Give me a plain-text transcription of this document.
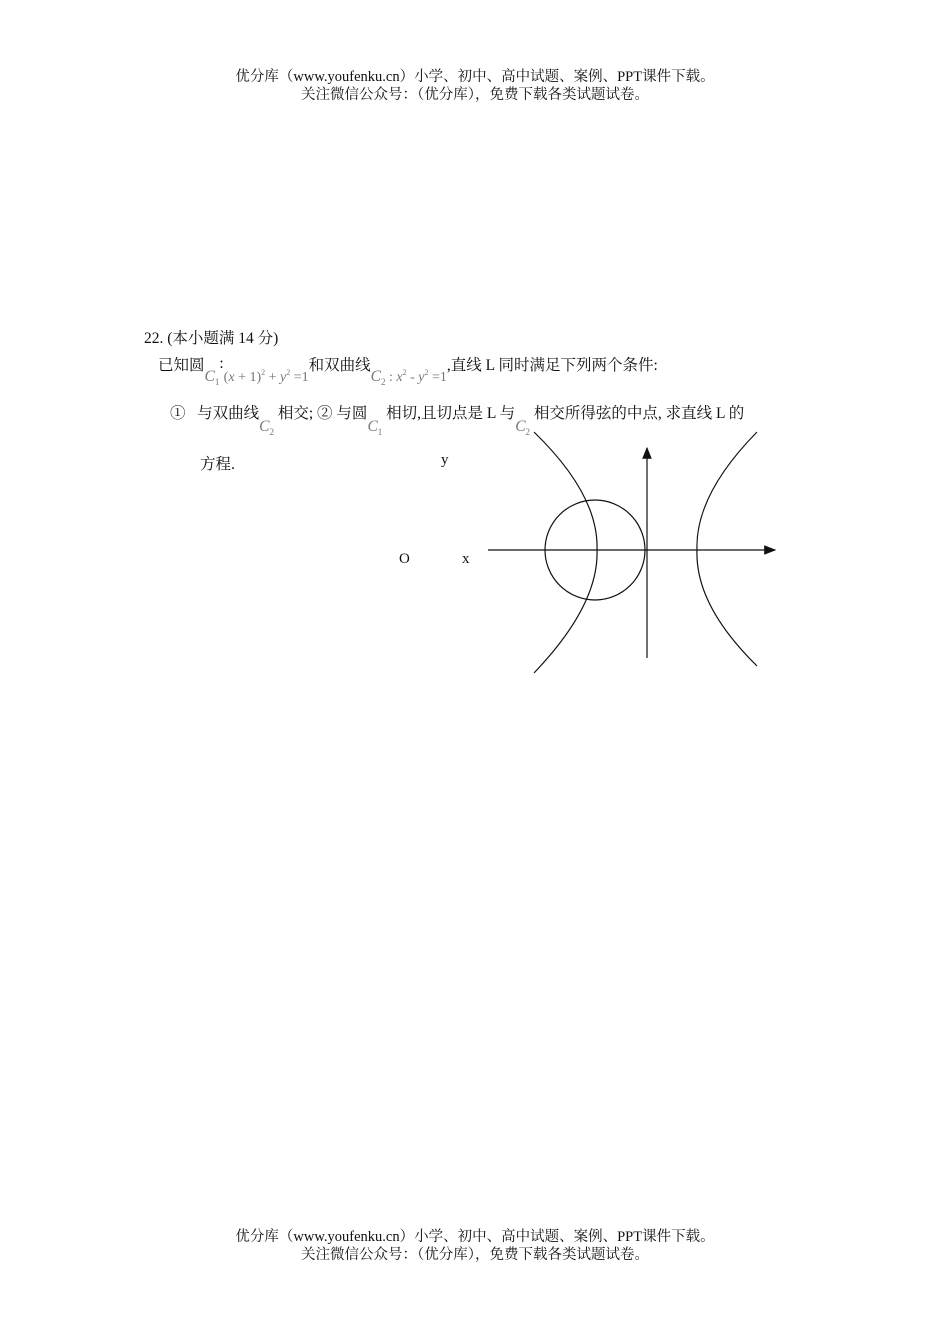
优分库（www.youfenku.cn）小学、初中、高中试题、案例、PPT课件下载。
关注微信公众号：（优分库），免费下载各类试题试卷。
22. (本小题满 14 分)
已知圆$C_1:(x + 1)^2 + y^2 =1$和双曲线$C_2$ : $x^2 - y^2 =1$,直线 L 同时满足下列两个条件:
① 与双曲线$C_2$ 相交; ② 与圆$C_1$ 相切,且切点是 L 与$C_2$ 相交所得弦的中点, 求直线 L 的
方程.	y
O	x
优分库（www.youfenku.cn）小学、初中、高中试题、案例、PPT课件下载。
关注微信公众号：（优分库），免费下载各类试题试卷。
